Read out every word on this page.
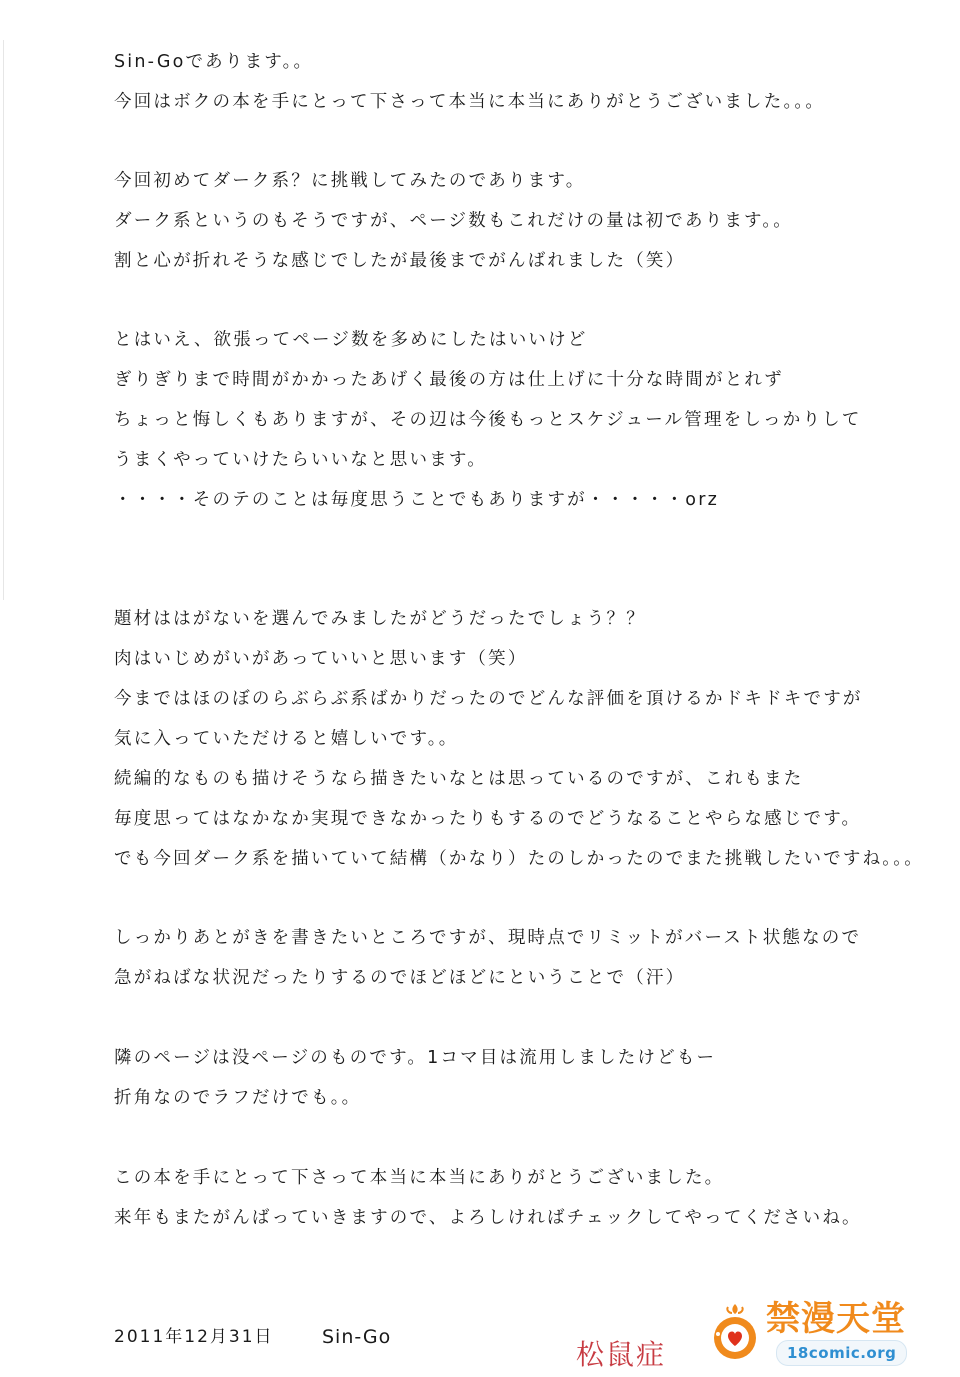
Sin-Goであります。。
今回はボクの本を手にとって下さって本当に本当にありがとうございました。。。
今回初めてダーク系？に挑戦してみたのであります。
ダーク系というのもそうですが、ページ数もこれだけの量は初であります。。
割と心が折れそうな感じでしたが最後までがんばれました（笑）
とはいえ、欲張ってページ数を多めにしたはいいけど
ぎりぎりまで時間がかかったあげく最後の方は仕上げに十分な時間がとれず
ちょっと悔しくもありますが、その辺は今後もっとスケジュール管理をしっかりして
うまくやっていけたらいいなと思います。
・・・・そのテのことは毎度思うことでもありますが・・・・・orz
題材ははがないを選んでみましたがどうだったでしょう？？
肉はいじめがいがあっていいと思います（笑）
今まではほのぼのらぶらぶ系ばかりだったのでどんな評価を頂けるかドキドキですが
気に入っていただけると嬉しいです。。
続編的なものも描けそうなら描きたいなとは思っているのですが、これもまた
毎度思ってはなかなか実現できなかったりもするのでどうなることやらな感じです。
でも今回ダーク系を描いていて結構（かなり）たのしかったのでまた挑戦したいですね。。。
しっかりあとがきを書きたいところですが、現時点でリミットがバースト状態なので
急がねばな状況だったりするのでほどほどにということで（汗）
隣のページは没ページのものです。1コマ目は流用しましたけどもー
折角なのでラフだけでも。。
この本を手にとって下さって本当に本当にありがとうございました。
来年もまたがんばっていきますので、よろしければチェックしてやってくださいね。
2011年12月31日	Sin-Go
松鼠症
禁漫天堂
18comic.org
